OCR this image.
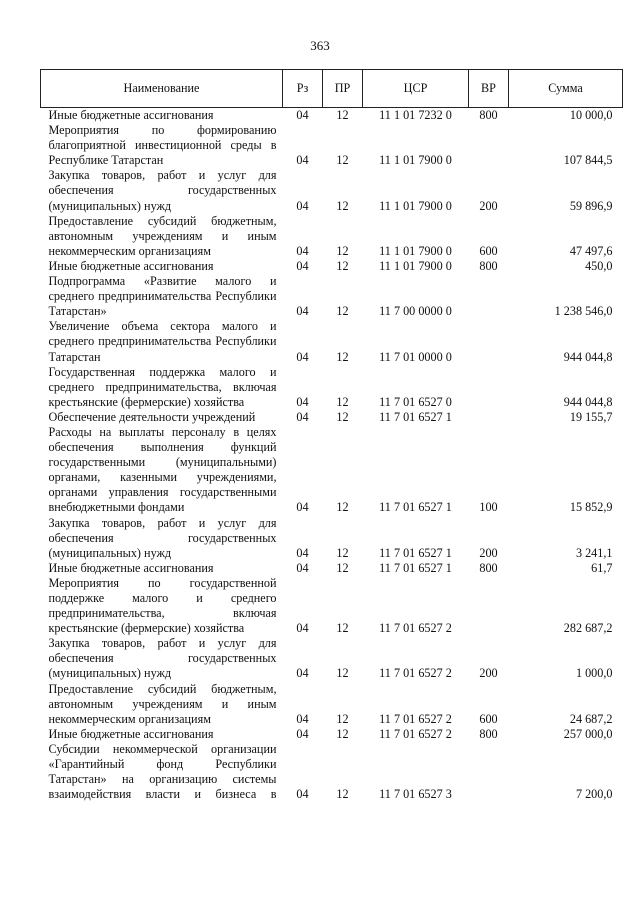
363
Наименование	Рз	ПР	ЦСР	ВР	Сумма
Иные бюджетные ассигнования	04	12	11 1 01 7232 0	800	10 000,0
Мероприятия по формированию благоприятной инвестиционной среды в Республике Татарстан	04	12	11 1 01 7900 0		107 844,5
Закупка товаров, работ и услуг для обеспечения государственных (муниципальных) нужд	04	12	11 1 01 7900 0	200	59 896,9
Предоставление субсидий бюджетным, автономным учреждениям и иным некоммерческим организациям	04	12	11 1 01 7900 0	600	47 497,6
Иные бюджетные ассигнования	04	12	11 1 01 7900 0	800	450,0
Подпрограмма «Развитие малого и среднего предпринимательства Республики Татарстан»	04	12	11 7 00 0000 0		1 238 546,0
Увеличение объема сектора малого и среднего предпринимательства Республики Татарстан	04	12	11 7 01 0000 0		944 044,8
Государственная поддержка малого и среднего предпринимательства, включая крестьянские (фермерские) хозяйства	04	12	11 7 01 6527 0		944 044,8
Обеспечение деятельности учреждений	04	12	11 7 01 6527 1		19 155,7
Расходы на выплаты персоналу в целях обеспечения выполнения функций государственными (муниципальными) органами, казенными учреждениями, органами управления государственными внебюджетными фондами	04	12	11 7 01 6527 1	100	15 852,9
Закупка товаров, работ и услуг для обеспечения государственных (муниципальных) нужд	04	12	11 7 01 6527 1	200	3 241,1
Иные бюджетные ассигнования	04	12	11 7 01 6527 1	800	61,7
Мероприятия по государственной поддержке малого и среднего предпринимательства, включая крестьянские (фермерские) хозяйства	04	12	11 7 01 6527 2		282 687,2
Закупка товаров, работ и услуг для обеспечения государственных (муниципальных) нужд	04	12	11 7 01 6527 2	200	1 000,0
Предоставление субсидий бюджетным, автономным учреждениям и иным некоммерческим организациям	04	12	11 7 01 6527 2	600	24 687,2
Иные бюджетные ассигнования	04	12	11 7 01 6527 2	800	257 000,0
Субсидии некоммерческой организации «Гарантийный фонд Республики Татарстан» на организацию системы взаимодействия власти и бизнеса в	04	12	11 7 01 6527 3		7 200,0
